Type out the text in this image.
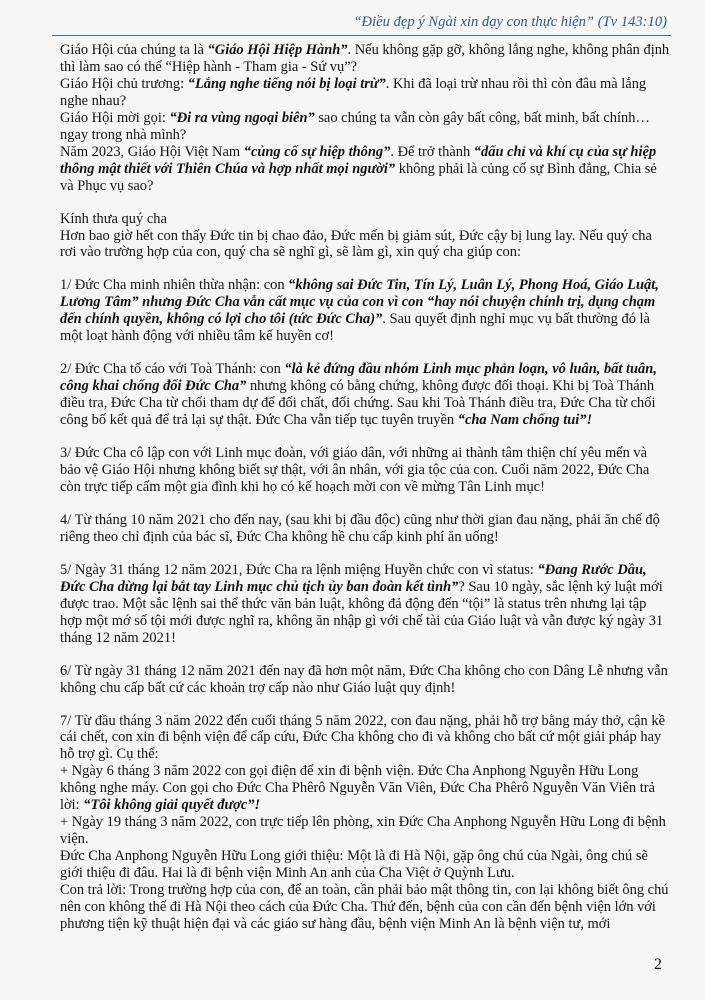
“Điều đẹp ý Ngài xin dạy con thực hiện” (Tv 143:10)

Giáo Hội của chúng ta là “Giáo Hội Hiệp Hành”. Nếu không gặp gỡ, không lắng nghe, không phân định thì làm sao có thể “Hiệp hành - Tham gia - Sứ vụ”?

Giáo Hội chủ trương: “Lắng nghe tiếng nói bị loại trừ”. Khi đã loại trừ nhau rồi thì còn đâu mà lắng nghe nhau?

Giáo Hội mời gọi: “Đi ra vùng ngoại biên” sao chúng ta vẫn còn gây bất công, bất minh, bất chính… ngay trong nhà mình?

Năm 2023, Giáo Hội Việt Nam “củng cố sự hiệp thông”. Để trở thành “dấu chỉ và khí cụ của sự hiệp thông mật thiết với Thiên Chúa và hợp nhất mọi người” không phải là củng cố sự Bình đẳng, Chia sẻ và Phục vụ sao?

Kính thưa quý cha

Hơn bao giờ hết con thấy Đức tin bị chao đảo, Đức mến bị giảm sút, Đức cậy bị lung lay. Nếu quý cha rơi vào trường hợp của con, quý cha sẽ nghĩ gì, sẽ làm gì, xin quý cha giúp con:

1/ Đức Cha minh nhiên thừa nhận: con “không sai Đức Tin, Tín Lý, Luân Lý, Phong Hoá, Giáo Luật, Lương Tâm” nhưng Đức Cha vẫn cất mục vụ của con vì con “hay nói chuyện chính trị, dụng chạm đến chính quyền, không có lợi cho tôi (tức Đức Cha)”. Sau quyết định nghỉ mục vụ bất thường đó là một loạt hành động với nhiều tâm kế huyền cơ!

2/ Đức Cha tố cáo với Toà Thánh: con “là kẻ đứng đầu nhóm Linh mục phản loạn, vô luân, bất tuân, công khai chống đối Đức Cha” nhưng không có bằng chứng, không được đối thoại. Khi bị Toà Thánh điều tra, Đức Cha từ chối tham dự để đối chất, đối chứng. Sau khi Toà Thánh điều tra, Đức Cha từ chối công bố kết quả để trả lại sự thật. Đức Cha vẫn tiếp tục tuyên truyền “cha Nam chống tui”!

3/ Đức Cha cô lập con với Linh mục đoàn, với giáo dân, với những ai thành tâm thiện chí yêu mến và bảo vệ Giáo Hội nhưng không biết sự thật, với ân nhân, với gia tộc của con. Cuối năm 2022, Đức Cha còn trực tiếp cấm một gia đình khi họ có kế hoạch mời con về mừng Tân Linh mục!

4/ Từ tháng 10 năm 2021 cho đến nay, (sau khi bị đầu độc) cũng như thời gian đau nặng, phải ăn chế độ riêng theo chỉ định của bác sĩ, Đức Cha không hề chu cấp kinh phí ăn uống!

5/ Ngày 31 tháng 12 năm 2021, Đức Cha ra lệnh miệng Huyền chức con vì status: “Đang Rước Dầu, Đức Cha dừng lại bắt tay Linh mục chủ tịch ủy ban đoàn kết tình”? Sau 10 ngày, sắc lệnh kỷ luật mới được trao. Một sắc lệnh sai thể thức văn bản luật, không đả động đến “tội” là status trên nhưng lại tập hợp một mớ số tội mới được nghĩ ra, không ăn nhập gì với chế tài của Giáo luật và vẫn được ký ngày 31 tháng 12 năm 2021!

6/ Từ ngày 31 tháng 12 năm 2021 đến nay đã hơn một năm, Đức Cha không cho con Dâng Lễ nhưng vẫn không chu cấp bất cứ các khoản trợ cấp nào như Giáo luật quy định!

7/ Từ đầu tháng 3 năm 2022 đến cuối tháng 5 năm 2022, con đau nặng, phải hỗ trợ bằng máy thở, cận kề cái chết, con xin đi bệnh viện để cấp cứu, Đức Cha không cho đi và không cho bất cứ một giải pháp hay hỗ trợ gì. Cụ thể:

+ Ngày 6 tháng 3 năm 2022 con gọi điện để xin đi bệnh viện. Đức Cha Anphong Nguyễn Hữu Long không nghe máy. Con gọi cho Đức Cha Phêrô Nguyễn Văn Viên, Đức Cha Phêrô Nguyễn Văn Viên trả lời: “Tôi không giải quyết được”!

+ Ngày 19 tháng 3 năm 2022, con trực tiếp lên phòng, xin Đức Cha Anphong Nguyễn Hữu Long đi bệnh viện.

Đức Cha Anphong Nguyễn Hữu Long giới thiệu: Một là đi Hà Nội, gặp ông chú của Ngài, ông chú sẽ giới thiệu đi đâu. Hai là đi bệnh viện Minh An anh của Cha Việt ở Quỳnh Lưu.

Con trả lời: Trong trường hợp của con, để an toàn, cần phải bảo mật thông tin, con lại không biết ông chú nên con không thể đi Hà Nội theo cách của Đức Cha. Thứ đến, bệnh của con cần đến bệnh viện lớn với phương tiện kỹ thuật hiện đại và các giáo sư hàng đầu, bệnh viện Minh An là bệnh viện tư, mới

2
